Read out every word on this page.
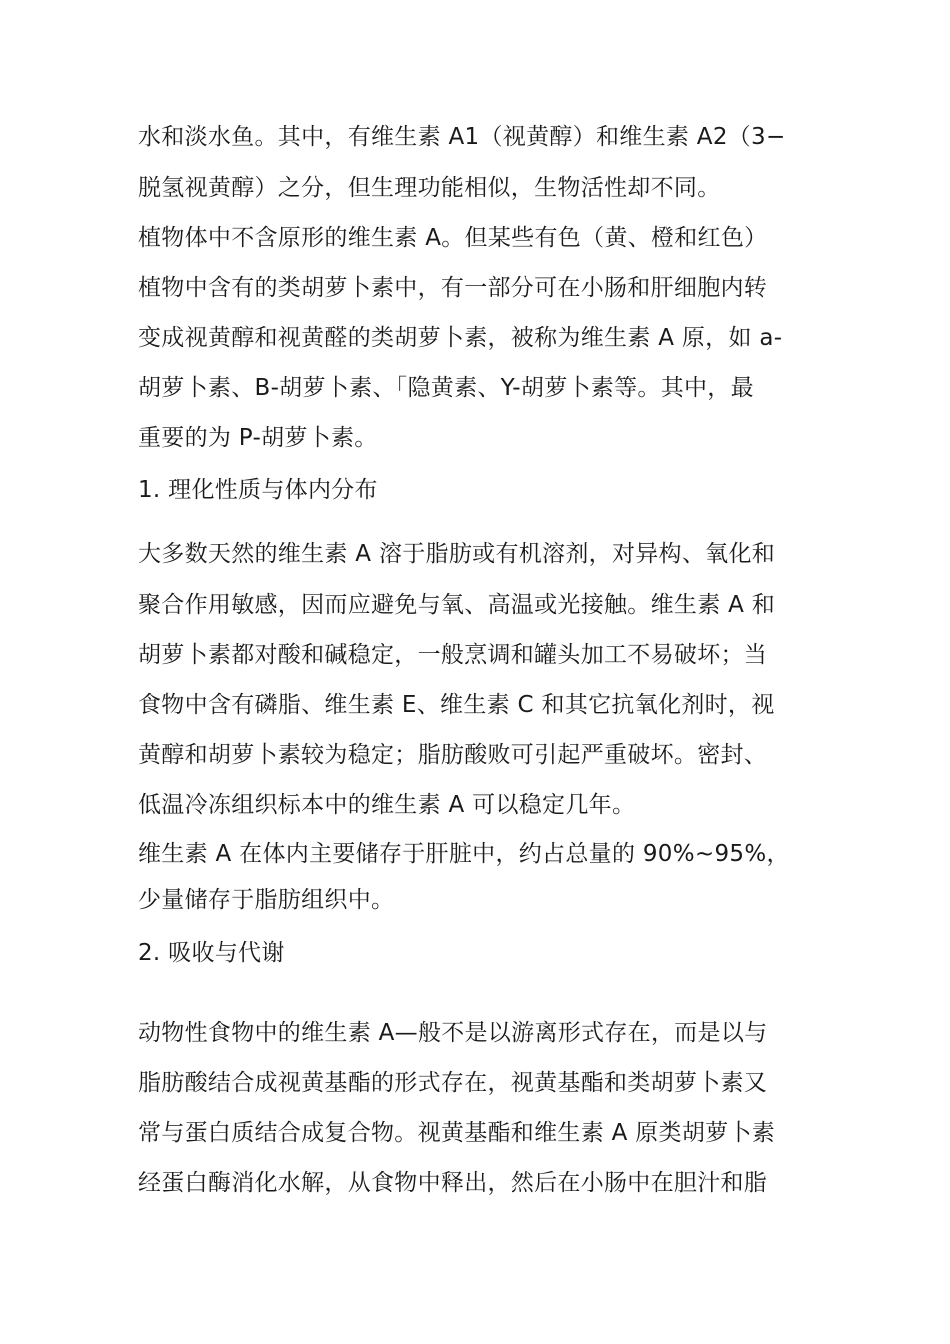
水和淡水鱼。其中，有维生素 A1（视黄醇）和维生素 A2（3−
脱氢视黄醇）之分，但生理功能相似，生物活性却不同。
植物体中不含原形的维生素 A。但某些有色（黄、橙和红色）
植物中含有的类胡萝卜素中，有一部分可在小肠和肝细胞内转
变成视黄醇和视黄醛的类胡萝卜素，被称为维生素 A 原，如 a-
胡萝卜素、B-胡萝卜素、「隐黄素、Y-胡萝卜素等。其中，最
重要的为 P-胡萝卜素。
1. 理化性质与体内分布
大多数天然的维生素 A 溶于脂肪或有机溶剂，对异构、氧化和
聚合作用敏感，因而应避免与氧、高温或光接触。维生素 A 和
胡萝卜素都对酸和碱稳定，一般烹调和罐头加工不易破坏；当
食物中含有磷脂、维生素 E、维生素 C 和其它抗氧化剂时，视
黄醇和胡萝卜素较为稳定；脂肪酸败可引起严重破坏。密封、
低温冷冻组织标本中的维生素 A 可以稳定几年。
维生素 A 在体内主要储存于肝脏中，约占总量的 90%~95%，
少量储存于脂肪组织中。
2. 吸收与代谢
动物性食物中的维生素 A—般不是以游离形式存在，而是以与
脂肪酸结合成视黄基酯的形式存在，视黄基酯和类胡萝卜素又
常与蛋白质结合成复合物。视黄基酯和维生素 A 原类胡萝卜素
经蛋白酶消化水解，从食物中释出，然后在小肠中在胆汁和脂
